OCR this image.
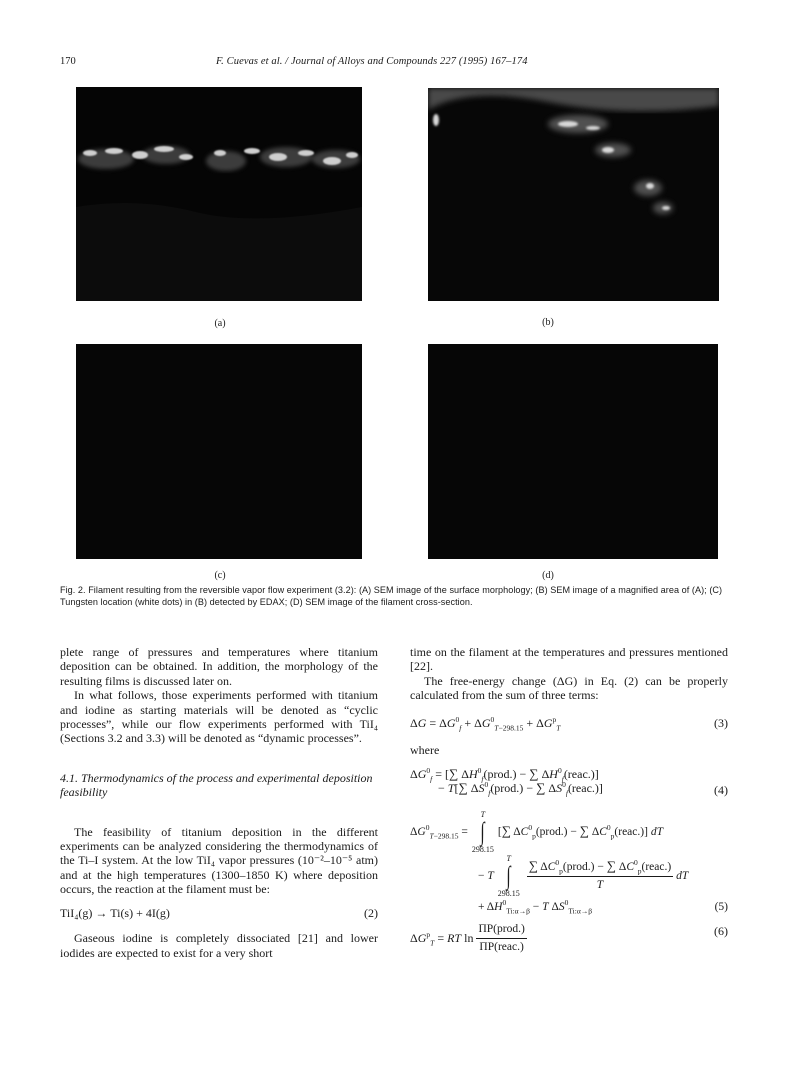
170	F. Cuevas et al. / Journal of Alloys and Compounds 227 (1995) 167–174
(a)	(b)
(c)	(d)
Fig. 2. Filament resulting from the reversible vapor flow experiment (3.2): (A) SEM image of the surface morphology; (B) SEM image of a magnified area of (A); (C) Tungsten location (white dots) in (B) detected by EDAX; (D) SEM image of the filament cross-section.

plete range of pressures and temperatures where titanium deposition can be obtained. In addition, the morphology of the resulting films is discussed later on.

In what follows, those experiments performed with titanium and iodine as starting materials will be denoted as “cyclic processes”, while our flow experiments performed with TiI₄ (Sections 3.2 and 3.3) will be denoted as “dynamic processes”.

4.1. Thermodynamics of the process and experimental deposition feasibility

The feasibility of titanium deposition in the different experiments can be analyzed considering the thermodynamics of the Ti–I system. At the low TiI₄ vapor pressures (10⁻²–10⁻⁵ atm) and at the high temperatures (1300–1850 K) where deposition occurs, the reaction at the filament must be:

TiI₄(g) → Ti(s) + 4I(g)	(2)

Gaseous iodine is completely dissociated [21] and lower iodides are expected to exist for a very short

time on the filament at the temperatures and pressures mentioned [22].

The free-energy change (ΔG) in Eq. (2) can be properly calculated from the sum of three terms:

$\Delta G = \Delta G^0_f + \Delta G^0_{T-298.15} + \Delta G^p_T$	(3)
where
$\Delta G^0_f$ = [∑ $\Delta H^0_f(prod.)$ − ∑ $\Delta H^0_f(reac.)$]
− T[∑ $\Delta S^0_f(prod.)$ − ∑ $\Delta S^0_f(reac.)$]	(4)
$\Delta G^0_{T-298.15}$ =
T
∫
298.15
[∑ $\Delta C^0_p(prod.)$ − ∑ $\Delta C^0_p(reac.)$] dT
− T
T
∫
298.15
$\frac{\sum \Delta C^0_p(prod.) - \sum \Delta C^0_p(reac.)}{T}$ dT
+ $\Delta H^0_{Ti:\alpha\to\beta} - T$ $\Delta S^0_{Ti:\alpha\to\beta}$	(5)
$\Delta G^p_T$ = RT $\ln \frac{\text{ΠP(prod.)}}{\text{ΠP(reac.)}}$	(6)
